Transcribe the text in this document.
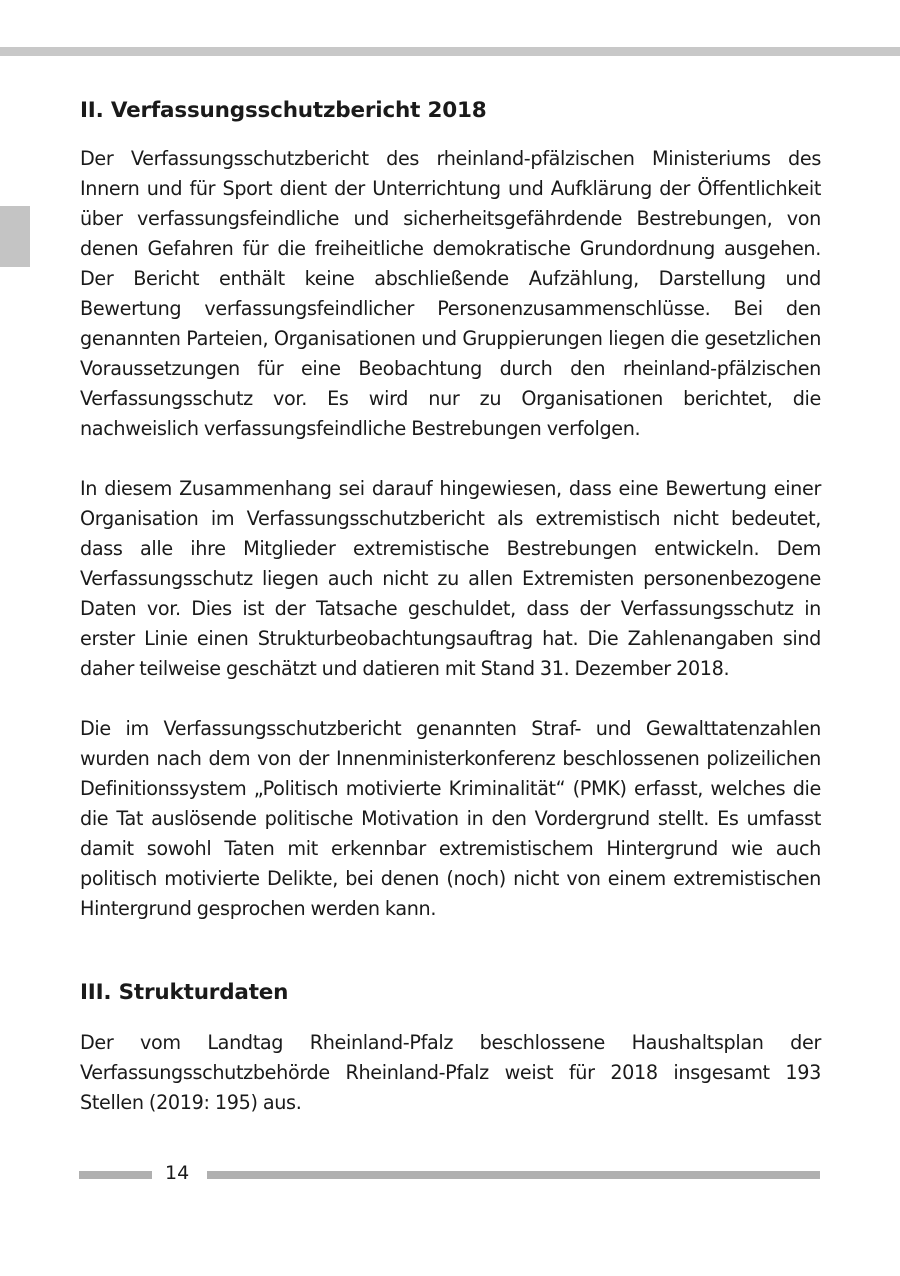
II. Verfassungsschutzbericht 2018

Der Verfassungsschutzbericht des rheinland-pfälzischen Ministeriums des Innern und für Sport dient der Unterrichtung und Aufklärung der Öffentlichkeit über verfassungsfeindliche und sicherheitsgefährdende Bestrebungen, von denen Gefahren für die freiheitliche demokratische Grundordnung ausgehen. Der Bericht enthält keine abschließende Aufzählung, Darstellung und Bewertung verfassungsfeindlicher Personenzusammenschlüsse. Bei den genannten Parteien, Organisationen und Gruppierungen liegen die gesetzlichen Voraussetzungen für eine Beobachtung durch den rheinland-pfälzischen Verfassungsschutz vor. Es wird nur zu Organisationen berichtet, die nachweislich verfassungsfeindliche Bestrebungen verfolgen.

In diesem Zusammenhang sei darauf hingewiesen, dass eine Bewertung einer Organisation im Verfassungsschutzbericht als extremistisch nicht bedeutet, dass alle ihre Mitglieder extremistische Bestrebungen entwickeln. Dem Verfassungsschutz liegen auch nicht zu allen Extremisten personenbezogene Daten vor. Dies ist der Tatsache geschuldet, dass der Verfassungsschutz in erster Linie einen Strukturbeobachtungsauftrag hat. Die Zahlenangaben sind daher teilweise geschätzt und datieren mit Stand 31. Dezember 2018.

Die im Verfassungsschutzbericht genannten Straf- und Gewalttatenzahlen wurden nach dem von der Innenministerkonferenz beschlossenen polizeilichen Definitionssystem „Politisch motivierte Kriminalität“ (PMK) erfasst, welches die die Tat auslösende politische Motivation in den Vordergrund stellt. Es umfasst damit sowohl Taten mit erkennbar extremistischem Hintergrund wie auch politisch motivierte Delikte, bei denen (noch) nicht von einem extremistischen Hintergrund gesprochen werden kann.

III. Strukturdaten

Der vom Landtag Rheinland-Pfalz beschlossene Haushaltsplan der Verfassungsschutzbehörde Rheinland-Pfalz weist für 2018 insgesamt 193 Stellen (2019: 195) aus.

14
